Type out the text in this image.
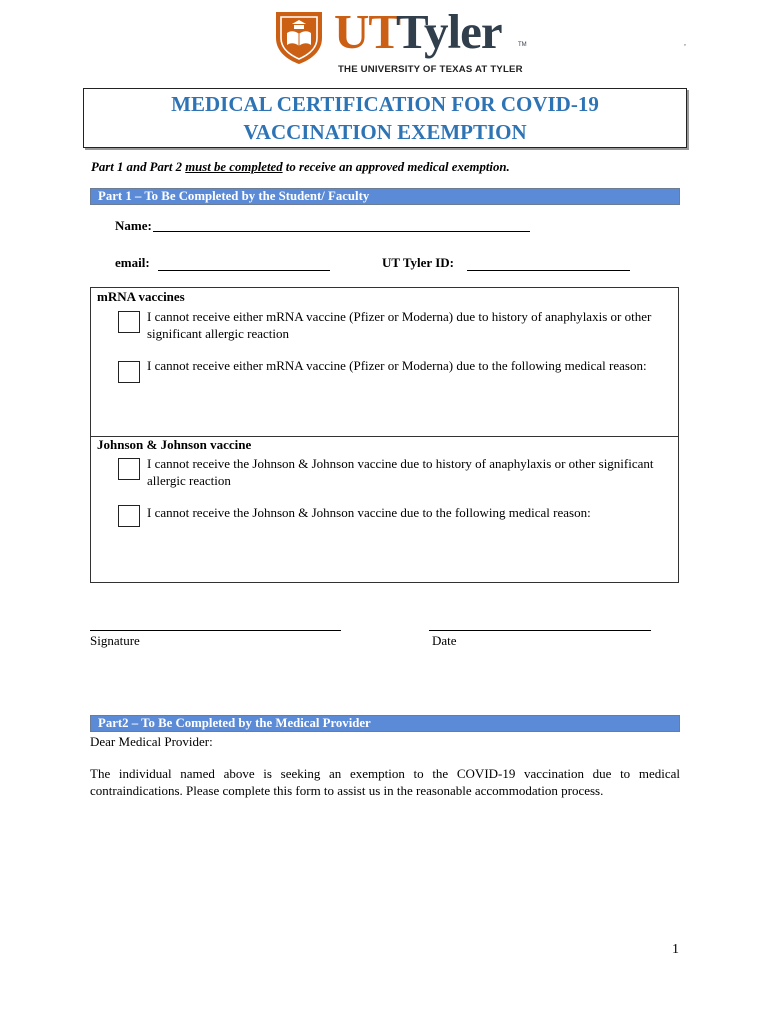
UT
Tyler	TM
THE UNIVERSITY OF TEXAS AT TYLER
,
MEDICAL CERTIFICATION FOR COVID-19
VACCINATION EXEMPTION
Part 1 and Part 2 must be completed to receive an approved medical exemption.
Part 1 – To Be Completed by the Student/ Faculty
Name:
email:	UT Tyler ID:
mRNA vaccines
I cannot receive either mRNA vaccine (Pfizer or Moderna) due to history of anaphylaxis or other significant allergic reaction
I cannot receive either mRNA vaccine (Pfizer or Moderna) due to the following medical reason:
Johnson & Johnson vaccine
I cannot receive the Johnson & Johnson vaccine due to history of anaphylaxis or other significant allergic reaction
I cannot receive the Johnson & Johnson vaccine due to the following medical reason:
Signature	Date
Part2 – To Be Completed by the Medical Provider
Dear Medical Provider:
The individual named above is seeking an exemption to the COVID-19 vaccination due to medical contraindications. Please complete this form to assist us in the reasonable accommodation process.
1
